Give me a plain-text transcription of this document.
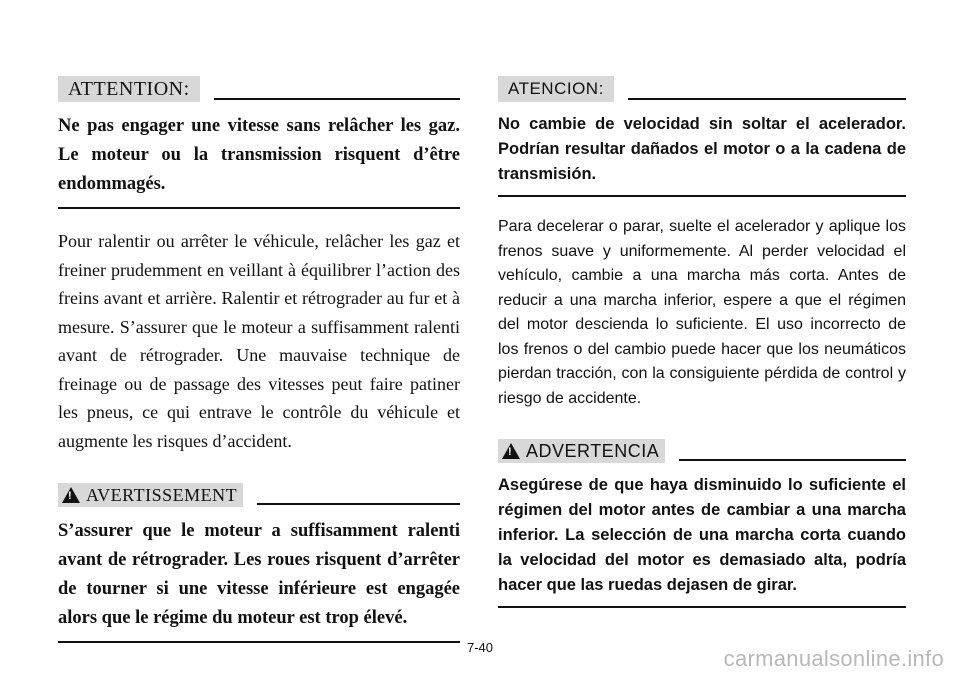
ATTENTION:

Ne pas engager une vitesse sans relâcher les gaz. Le moteur ou la transmission risquent d’être endommagés.

Pour ralentir ou arrêter le véhicule, relâcher les gaz et freiner prudemment en veillant à équilibrer l’action des freins avant et arrière. Ralentir et rétrograder au fur et à mesure. S’assurer que le moteur a suffisamment ralenti avant de rétrograder. Une mauvaise technique de freinage ou de passage des vitesses peut faire patiner les pneus, ce qui entrave le contrôle du véhicule et augmente les risques d’accident.

!
AVERTISSEMENT

S’assurer que le moteur a suffisamment ralenti avant de rétrograder. Les roues risquent d’arrêter de tourner si une vitesse inférieure est engagée alors que le régime du moteur est trop élevé.

ATENCION:

No cambie de velocidad sin soltar el acelerador. Podrían resultar dañados el motor o a la cadena de transmisión.

Para decelerar o parar, suelte el acelerador y aplique los frenos suave y uniformemente. Al perder velocidad el vehículo, cambie a una marcha más corta. Antes de reducir a una marcha inferior, espere a que el régimen del motor descienda lo suficiente. El uso incorrecto de los frenos o del cambio puede hacer que los neumáticos pierdan tracción, con la consiguiente pérdida de control y riesgo de accidente.

!
ADVERTENCIA

Asegúrese de que haya disminuido lo suficiente el régimen del motor antes de cambiar a una marcha inferior. La selección de una marcha corta cuando la velocidad del motor es demasiado alta, podría hacer que las ruedas dejasen de girar.

7-40	carmanualsonline.info
